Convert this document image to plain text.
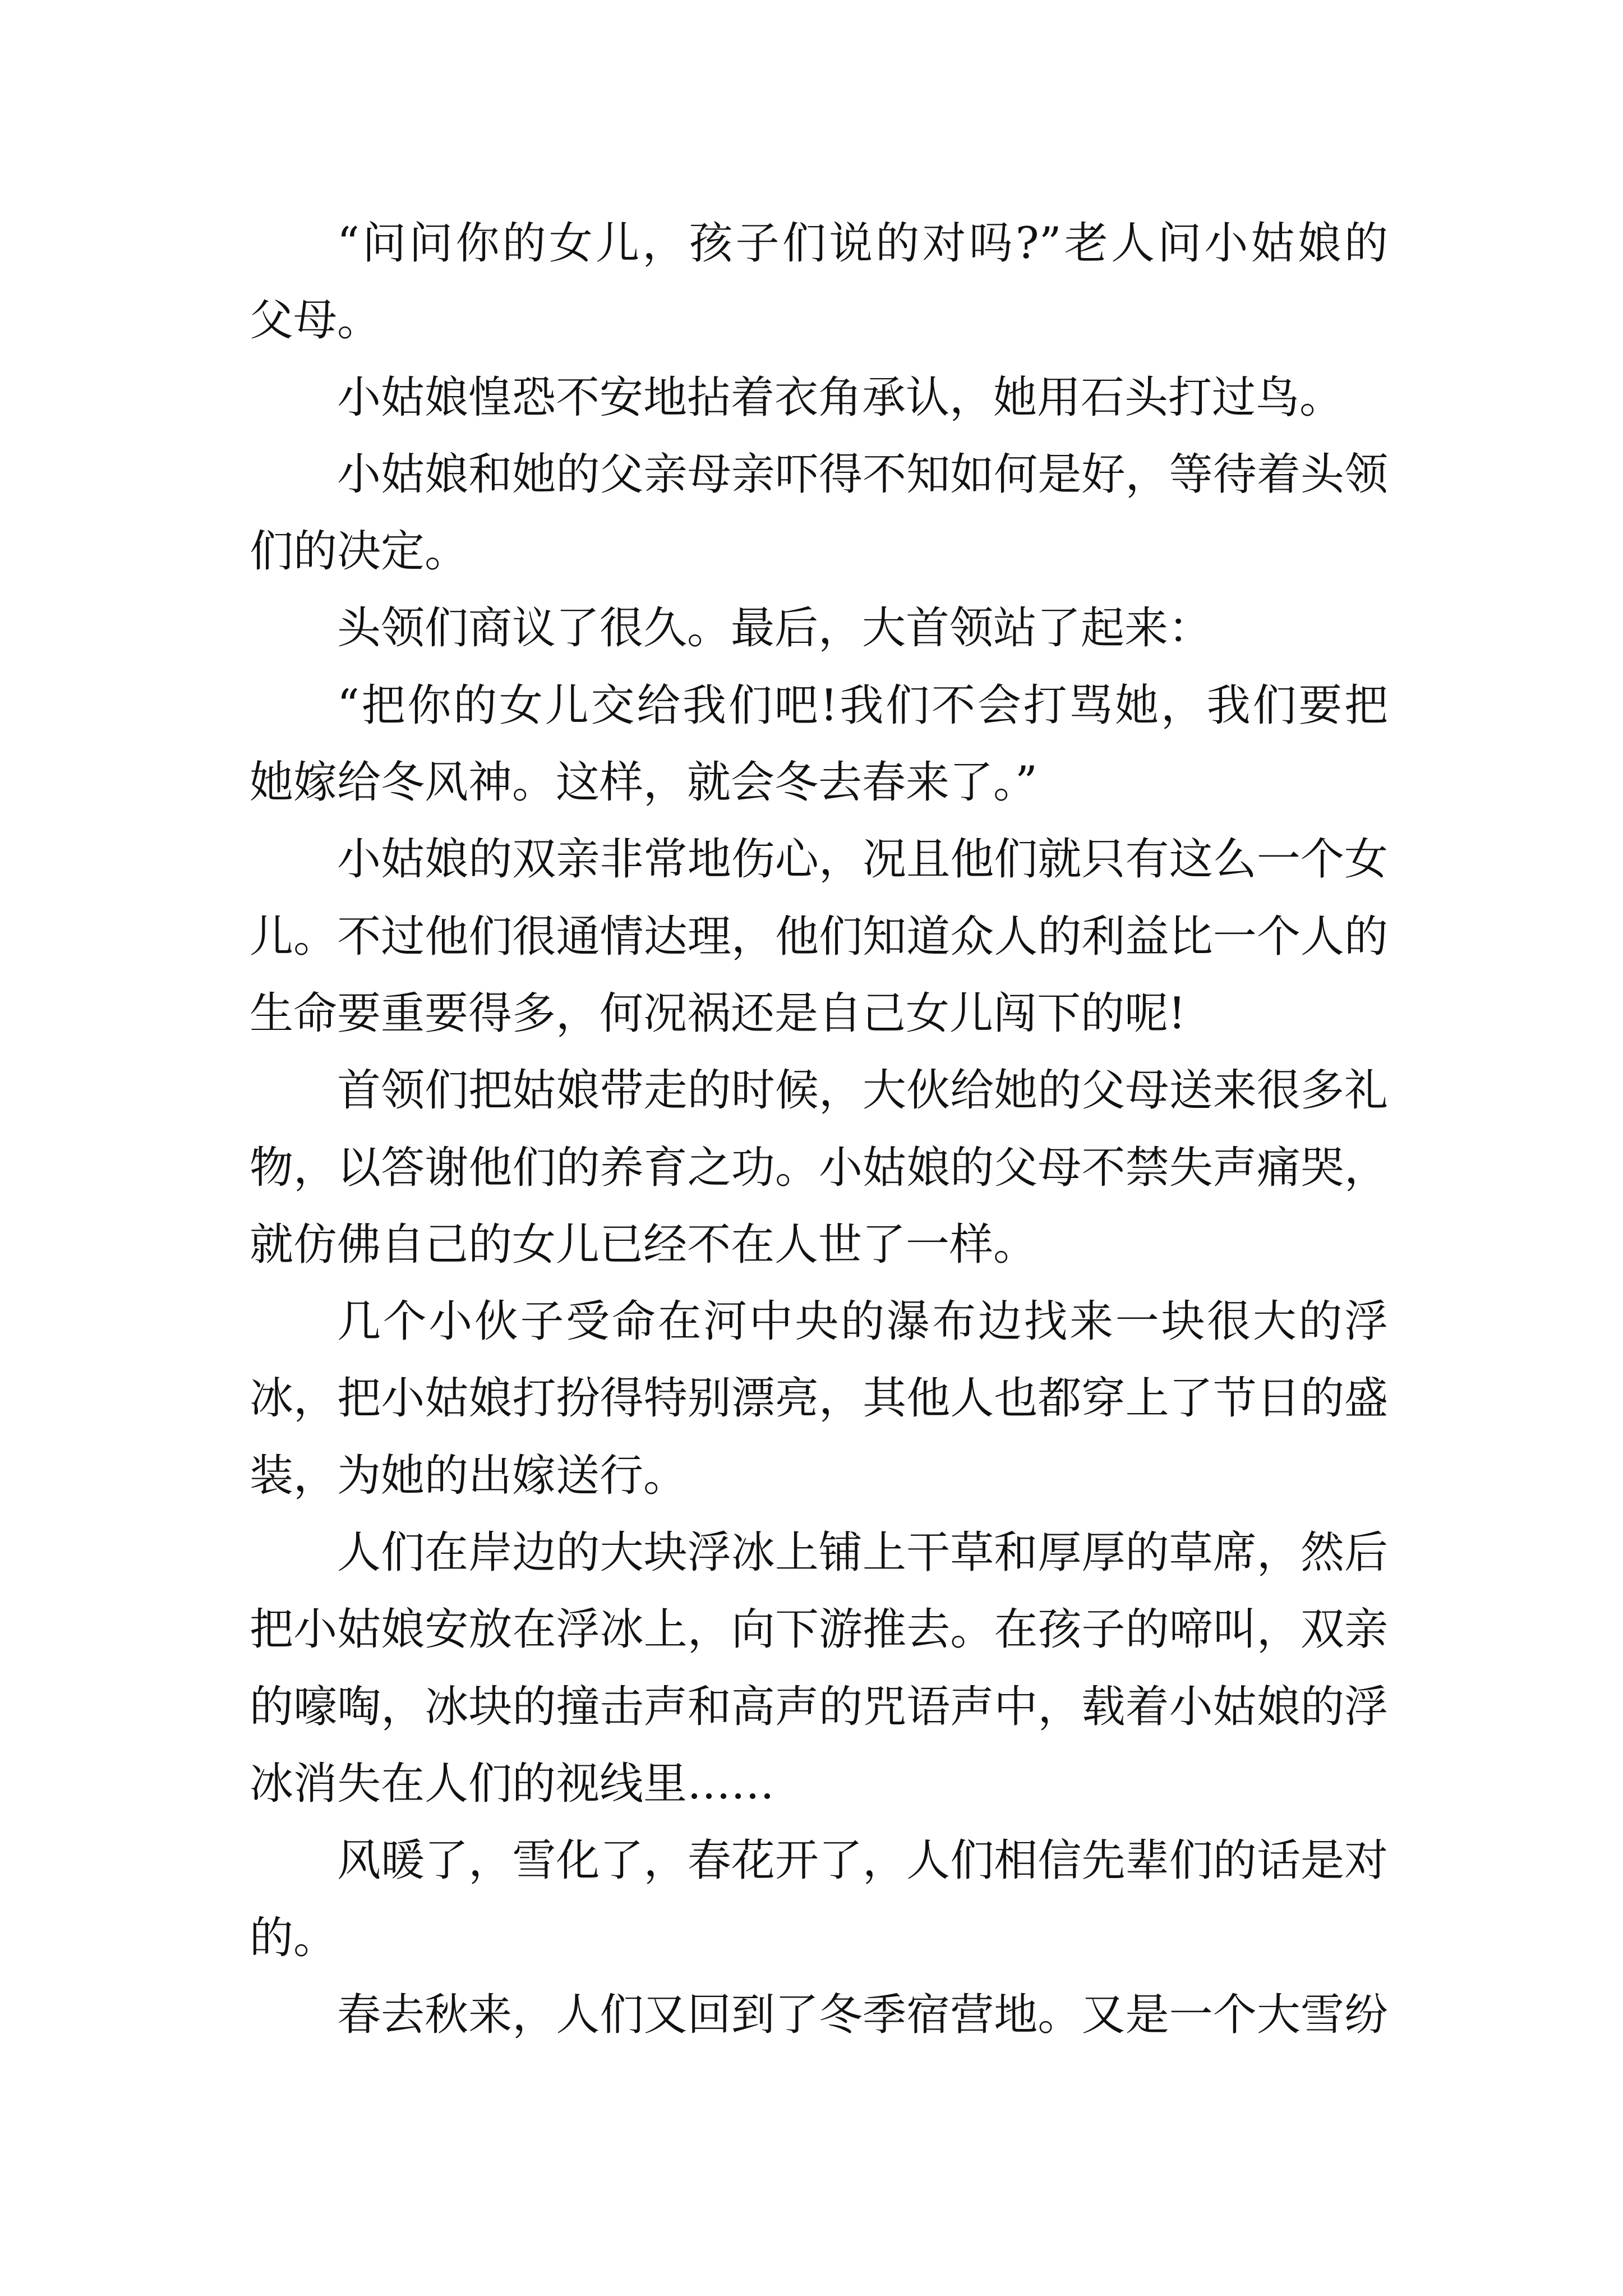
“问问你的女儿，孩子们说的对吗?”老人问小姑娘的
父母。
小姑娘惶恐不安地拈着衣角承认，她用石头打过鸟。
小姑娘和她的父亲母亲吓得不知如何是好，等待着头领
们的决定。
头领们商议了很久。最后，大首领站了起来：
“把你的女儿交给我们吧!我们不会打骂她，我们要把
她嫁给冬风神。这样，就会冬去春来了。”
小姑娘的双亲非常地伤心，况且他们就只有这么一个女
儿。不过他们很通情达理，他们知道众人的利益比一个人的
生命要重要得多，何况祸还是自己女儿闯下的呢!
首领们把姑娘带走的时候，大伙给她的父母送来很多礼
物，以答谢他们的养育之功。小姑娘的父母不禁失声痛哭，
就仿佛自己的女儿已经不在人世了一样。
几个小伙子受命在河中央的瀑布边找来一块很大的浮
冰，把小姑娘打扮得特别漂亮，其他人也都穿上了节日的盛
装，为她的出嫁送行。
人们在岸边的大块浮冰上铺上干草和厚厚的草席，然后
把小姑娘安放在浮冰上，向下游推去。在孩子的啼叫，双亲
的嚎啕，冰块的撞击声和高声的咒语声中，载着小姑娘的浮
冰消失在人们的视线里……
风暖了，雪化了，春花开了，人们相信先辈们的话是对
的。
春去秋来，人们又回到了冬季宿营地。又是一个大雪纷
